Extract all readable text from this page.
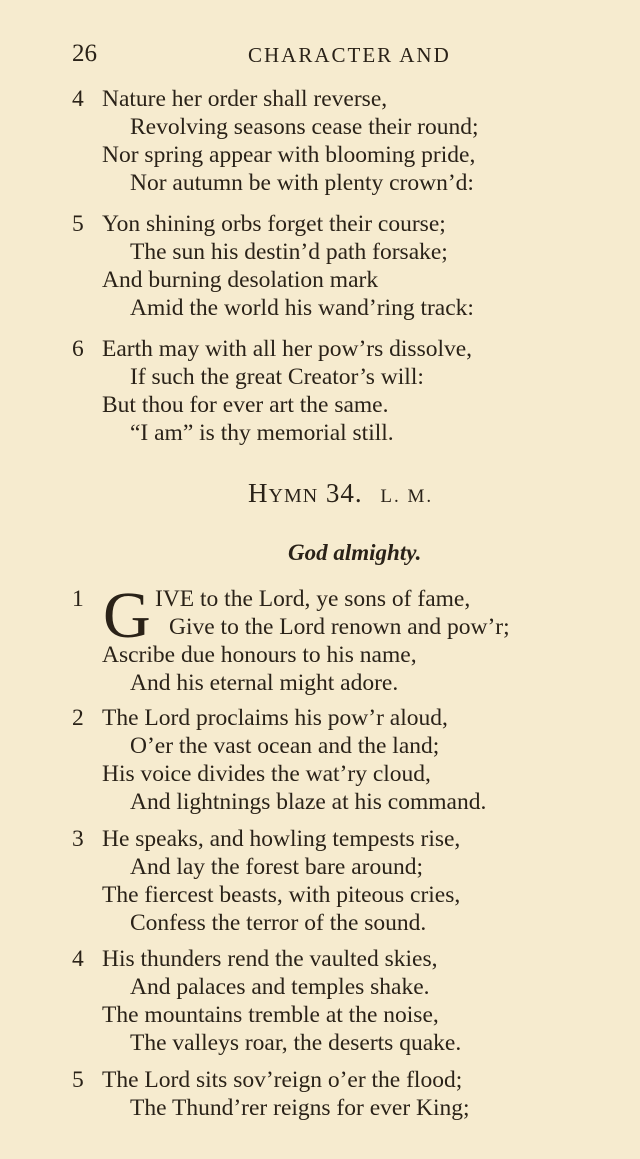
26	CHARACTER AND
4 Nature her order shall reverse,
Revolving seasons cease their round;
Nor spring appear with blooming pride,
Nor autumn be with plenty crown’d:
5 Yon shining orbs forget their course;
The sun his destin’d path forsake;
And burning desolation mark
Amid the world his wand’ring track:
6 Earth may with all her pow’rs dissolve,
If such the great Creator’s will:
But thou for ever art the same.
“I am” is thy memorial still.
HYMN 34. L. M.
God almighty.
1 G IVE to the Lord, ye sons of fame,
Give to the Lord renown and pow’r;
Ascribe due honours to his name,
And his eternal might adore.
2 The Lord proclaims his pow’r aloud,
O’er the vast ocean and the land;
His voice divides the wat’ry cloud,
And lightnings blaze at his command.
3 He speaks, and howling tempests rise,
And lay the forest bare around;
The fiercest beasts, with piteous cries,
Confess the terror of the sound.
4 His thunders rend the vaulted skies,
And palaces and temples shake.
The mountains tremble at the noise,
The valleys roar, the deserts quake.
5 The Lord sits sov’reign o’er the flood;
The Thund’rer reigns for ever King;
